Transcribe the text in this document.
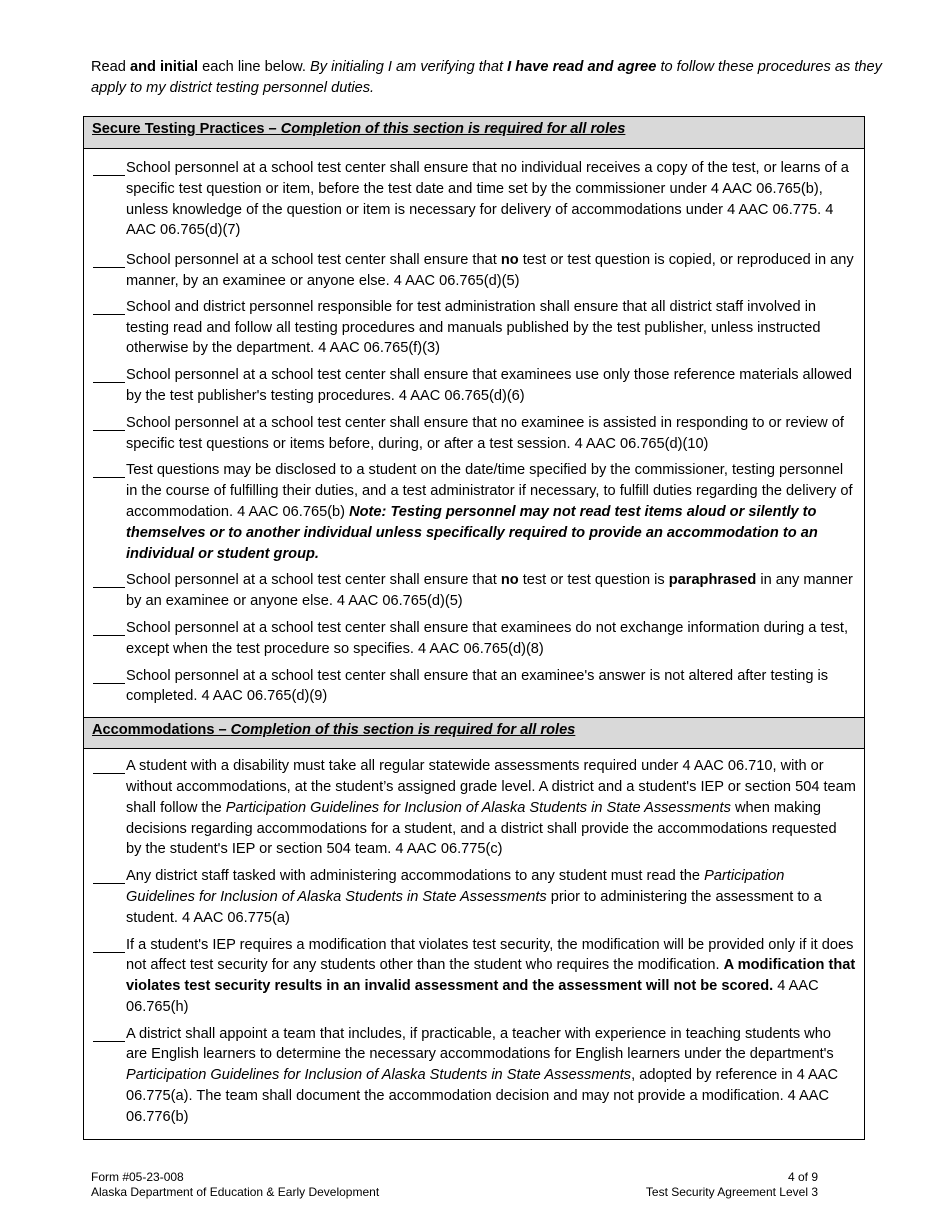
Read and initial each line below. By initialing I am verifying that I have read and agree to follow these procedures as they apply to my district testing personnel duties.
Secure Testing Practices – Completion of this section is required for all roles
School personnel at a school test center shall ensure that no individual receives a copy of the test, or learns of a specific test question or item, before the test date and time set by the commissioner under 4 AAC 06.765(b), unless knowledge of the question or item is necessary for delivery of accommodations under 4 AAC 06.775. 4 AAC 06.765(d)(7)
School personnel at a school test center shall ensure that no test or test question is copied, or reproduced in any manner, by an examinee or anyone else. 4 AAC 06.765(d)(5)
School and district personnel responsible for test administration shall ensure that all district staff involved in testing read and follow all testing procedures and manuals published by the test publisher, unless instructed otherwise by the department. 4 AAC 06.765(f)(3)
School personnel at a school test center shall ensure that examinees use only those reference materials allowed by the test publisher's testing procedures. 4 AAC 06.765(d)(6)
School personnel at a school test center shall ensure that no examinee is assisted in responding to or review of specific test questions or items before, during, or after a test session. 4 AAC 06.765(d)(10)
Test questions may be disclosed to a student on the date/time specified by the commissioner, testing personnel in the course of fulfilling their duties, and a test administrator if necessary, to fulfill duties regarding the delivery of accommodation. 4 AAC 06.765(b) Note: Testing personnel may not read test items aloud or silently to themselves or to another individual unless specifically required to provide an accommodation to an individual or student group.
School personnel at a school test center shall ensure that no test or test question is paraphrased in any manner by an examinee or anyone else. 4 AAC 06.765(d)(5)
School personnel at a school test center shall ensure that examinees do not exchange information during a test, except when the test procedure so specifies. 4 AAC 06.765(d)(8)
School personnel at a school test center shall ensure that an examinee's answer is not altered after testing is completed. 4 AAC 06.765(d)(9)
Accommodations – Completion of this section is required for all roles
A student with a disability must take all regular statewide assessments required under 4 AAC 06.710, with or without accommodations, at the student’s assigned grade level. A district and a student's IEP or section 504 team shall follow the Participation Guidelines for Inclusion of Alaska Students in State Assessments when making decisions regarding accommodations for a student, and a district shall provide the accommodations requested by the student's IEP or section 504 team. 4 AAC 06.775(c)
Any district staff tasked with administering accommodations to any student must read the Participation Guidelines for Inclusion of Alaska Students in State Assessments prior to administering the assessment to a student. 4 AAC 06.775(a)
If a student's IEP requires a modification that violates test security, the modification will be provided only if it does not affect test security for any students other than the student who requires the modification. A modification that violates test security results in an invalid assessment and the assessment will not be scored. 4 AAC 06.765(h)
A district shall appoint a team that includes, if practicable, a teacher with experience in teaching students who are English learners to determine the necessary accommodations for English learners under the department's Participation Guidelines for Inclusion of Alaska Students in State Assessments, adopted by reference in 4 AAC 06.775(a). The team shall document the accommodation decision and may not provide a modification. 4 AAC 06.776(b)
Form #05-23-008
Alaska Department of Education & Early Development
4 of 9
Test Security Agreement Level 3
